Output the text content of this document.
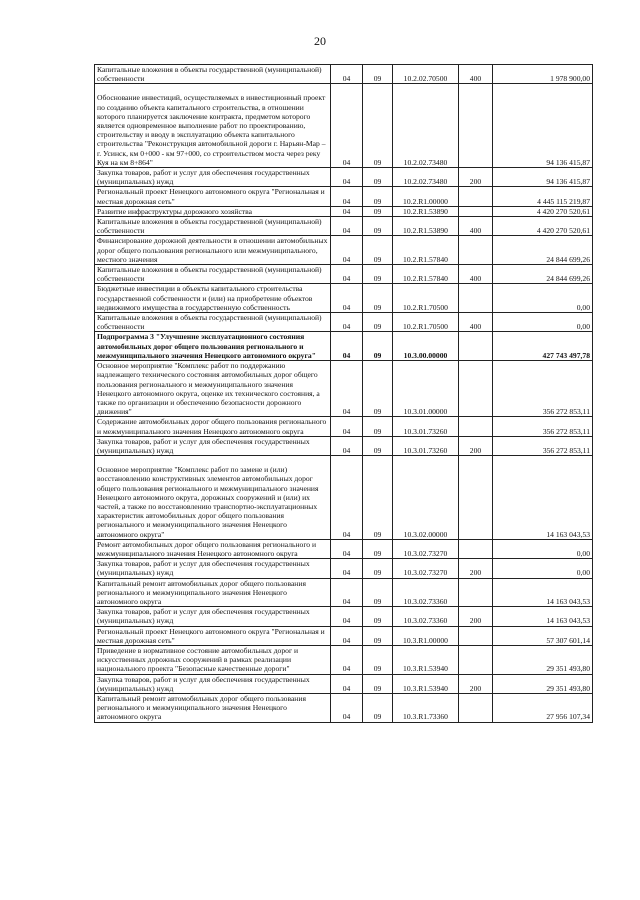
20
Капитальные вложения в объекты государственной (муниципальной) собственности	04	09	10.2.02.70500	400	1 978 900,00

Обоснование инвестиций, осуществляемых в инвестиционный проект по созданию объекта капитального строительства, в отношении которого планируется заключение контракта, предметом которого является одновременное выполнение работ по проектированию, строительству и вводу в эксплуатацию объекта капитального строительства "Реконструкция автомобильной дороги г. Нарьян-Мар – г. Усинск, км 0+000 - км 97+000, со строительством моста через реку Куя на км 8+864"	04	09	10.2.02.73480		94 136 415,87
Закупка товаров, работ и услуг для обеспечения государственных (муниципальных) нужд	04	09	10.2.02.73480	200	94 136 415,87
Региональный проект Ненецкого автономного округа "Региональная и местная дорожная сеть"	04	09	10.2.R1.00000		4 445 115 219,87
Развитие инфраструктуры дорожного хозяйства	04	09	10.2.R1.53890		4 420 270 520,61
Капитальные вложения в объекты государственной (муниципальной) собственности	04	09	10.2.R1.53890	400	4 420 270 520,61
Финансирование дорожной деятельности в отношении автомобильных дорог общего пользования регионального или межмуниципального, местного значения	04	09	10.2.R1.57840		24 844 699,26
Капитальные вложения в объекты государственной (муниципальной) собственности	04	09	10.2.R1.57840	400	24 844 699,26
Бюджетные инвестиции в объекты капитального строительства государственной собственности и (или) на приобретение объектов недвижимого имущества в государственную собственность	04	09	10.2.R1.70500		0,00
Капитальные вложения в объекты государственной (муниципальной) собственности	04	09	10.2.R1.70500	400	0,00
Подпрограмма 3 "Улучшение эксплуатационного состояния автомобильных дорог общего пользования регионального и межмуниципального значения Ненецкого автономного округа"	04	09	10.3.00.00000		427 743 497,78
Основное мероприятие "Комплекс работ по поддержанию надлежащего технического состояния автомобильных дорог общего пользования регионального и межмуниципального значения Ненецкого автономного округа, оценке их технического состояния, а также по организации и обеспечению безопасности дорожного движения"	04	09	10.3.01.00000		356 272 853,11
Содержание автомобильных дорог общего пользования регионального и межмуниципального значения Ненецкого автономного округа	04	09	10.3.01.73260		356 272 853,11
Закупка товаров, работ и услуг для обеспечения государственных (муниципальных) нужд	04	09	10.3.01.73260	200	356 272 853,11

Основное мероприятие "Комплекс работ по замене и (или) восстановлению конструктивных элементов автомобильных дорог общего пользования регионального и межмуниципального значения Ненецкого автономного округа, дорожных сооружений и (или) их частей, а также по восстановлению транспортно-эксплуатационных характеристик автомобильных дорог общего пользования регионального и межмуниципального значения Ненецкого автономного округа"	04	09	10.3.02.00000		14 163 043,53
Ремонт автомобильных дорог общего пользования регионального и межмуниципального значения Ненецкого автономного округа	04	09	10.3.02.73270		0,00
Закупка товаров, работ и услуг для обеспечения государственных (муниципальных) нужд	04	09	10.3.02.73270	200	0,00
Капитальный ремонт автомобильных дорог общего пользования регионального и межмуниципального значения Ненецкого автономного округа	04	09	10.3.02.73360		14 163 043,53
Закупка товаров, работ и услуг для обеспечения государственных (муниципальных) нужд	04	09	10.3.02.73360	200	14 163 043,53
Региональный проект Ненецкого автономного округа "Региональная и местная дорожная сеть"	04	09	10.3.R1.00000		57 307 601,14
Приведение в нормативное состояние автомобильных дорог и искусственных дорожных сооружений в рамках реализации национального проекта "Безопасные качественные дороги"	04	09	10.3.R1.53940		29 351 493,80
Закупка товаров, работ и услуг для обеспечения государственных (муниципальных) нужд	04	09	10.3.R1.53940	200	29 351 493,80
Капитальный ремонт автомобильных дорог общего пользования регионального и межмуниципального значения Ненецкого автономного округа	04	09	10.3.R1.73360		27 956 107,34
